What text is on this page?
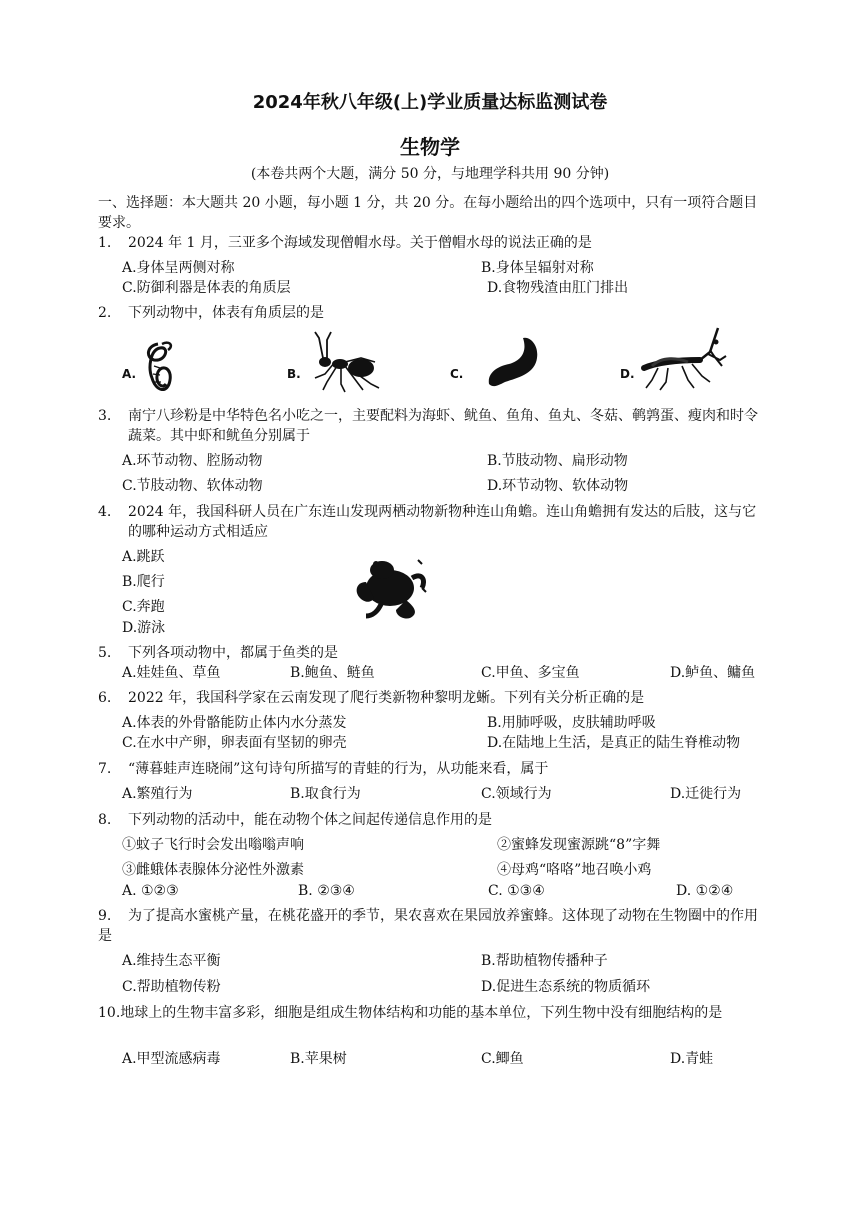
2024年秋八年级(上)学业质量达标监测试卷
生物学
(本卷共两个大题，满分 50 分，与地理学科共用 90 分钟)
一、选择题：本大题共 20 小题，每小题 1 分，共 20 分。在每小题给出的四个选项中，只有一项符合题目要求。
1. 2024 年 1 月，三亚多个海域发现僧帽水母。关于僧帽水母的说法正确的是
A.身体呈两侧对称	B.身体呈辐射对称
C.防御利器是体表的角质层	D.食物残渣由肛门排出
2. 下列动物中，体表有角质层的是
A.	B.	C.	D.
3. 南宁八珍粉是中华特色名小吃之一，主要配料为海虾、鱿鱼、鱼角、鱼丸、冬菇、鹌鹑蛋、瘦肉和时令蔬菜。其中虾和鱿鱼分别属于
A.环节动物、腔肠动物	B.节肢动物、扁形动物
C.节肢动物、软体动物	D.环节动物、软体动物
4. 2024 年，我国科研人员在广东连山发现两栖动物新物种连山角蟾。连山角蟾拥有发达的后肢，这与它的哪种运动方式相适应
A.跳跃
B.爬行
C.奔跑
D.游泳
5. 下列各项动物中，都属于鱼类的是
A.娃娃鱼、草鱼	B.鲍鱼、鲢鱼	C.甲鱼、多宝鱼	D.鲈鱼、鳙鱼
6. 2022 年，我国科学家在云南发现了爬行类新物种黎明龙蜥。下列有关分析正确的是
A.体表的外骨骼能防止体内水分蒸发	B.用肺呼吸，皮肤辅助呼吸
C.在水中产卵，卵表面有坚韧的卵壳	D.在陆地上生活，是真正的陆生脊椎动物
7. “薄暮蛙声连晓闹”这句诗句所描写的青蛙的行为，从功能来看，属于
A.繁殖行为	B.取食行为	C.领域行为	D.迁徙行为
8. 下列动物的活动中，能在动物个体之间起传递信息作用的是
①蚊子飞行时会发出嗡嗡声响	②蜜蜂发现蜜源跳“8”字舞
③雌蛾体表腺体分泌性外激素	④母鸡“咯咯”地召唤小鸡
A. ①②③	B. ②③④	C. ①③④	D. ①②④
9. 为了提高水蜜桃产量，在桃花盛开的季节，果农喜欢在果园放养蜜蜂。这体现了动物在生物圈中的作用是
A.维持生态平衡	B.帮助植物传播种子
C.帮助植物传粉	D.促进生态系统的物质循环
10.地球上的生物丰富多彩，细胞是组成生物体结构和功能的基本单位，下列生物中没有细胞结构的是
A.甲型流感病毒	B.苹果树	C.鲫鱼	D.青蛙
